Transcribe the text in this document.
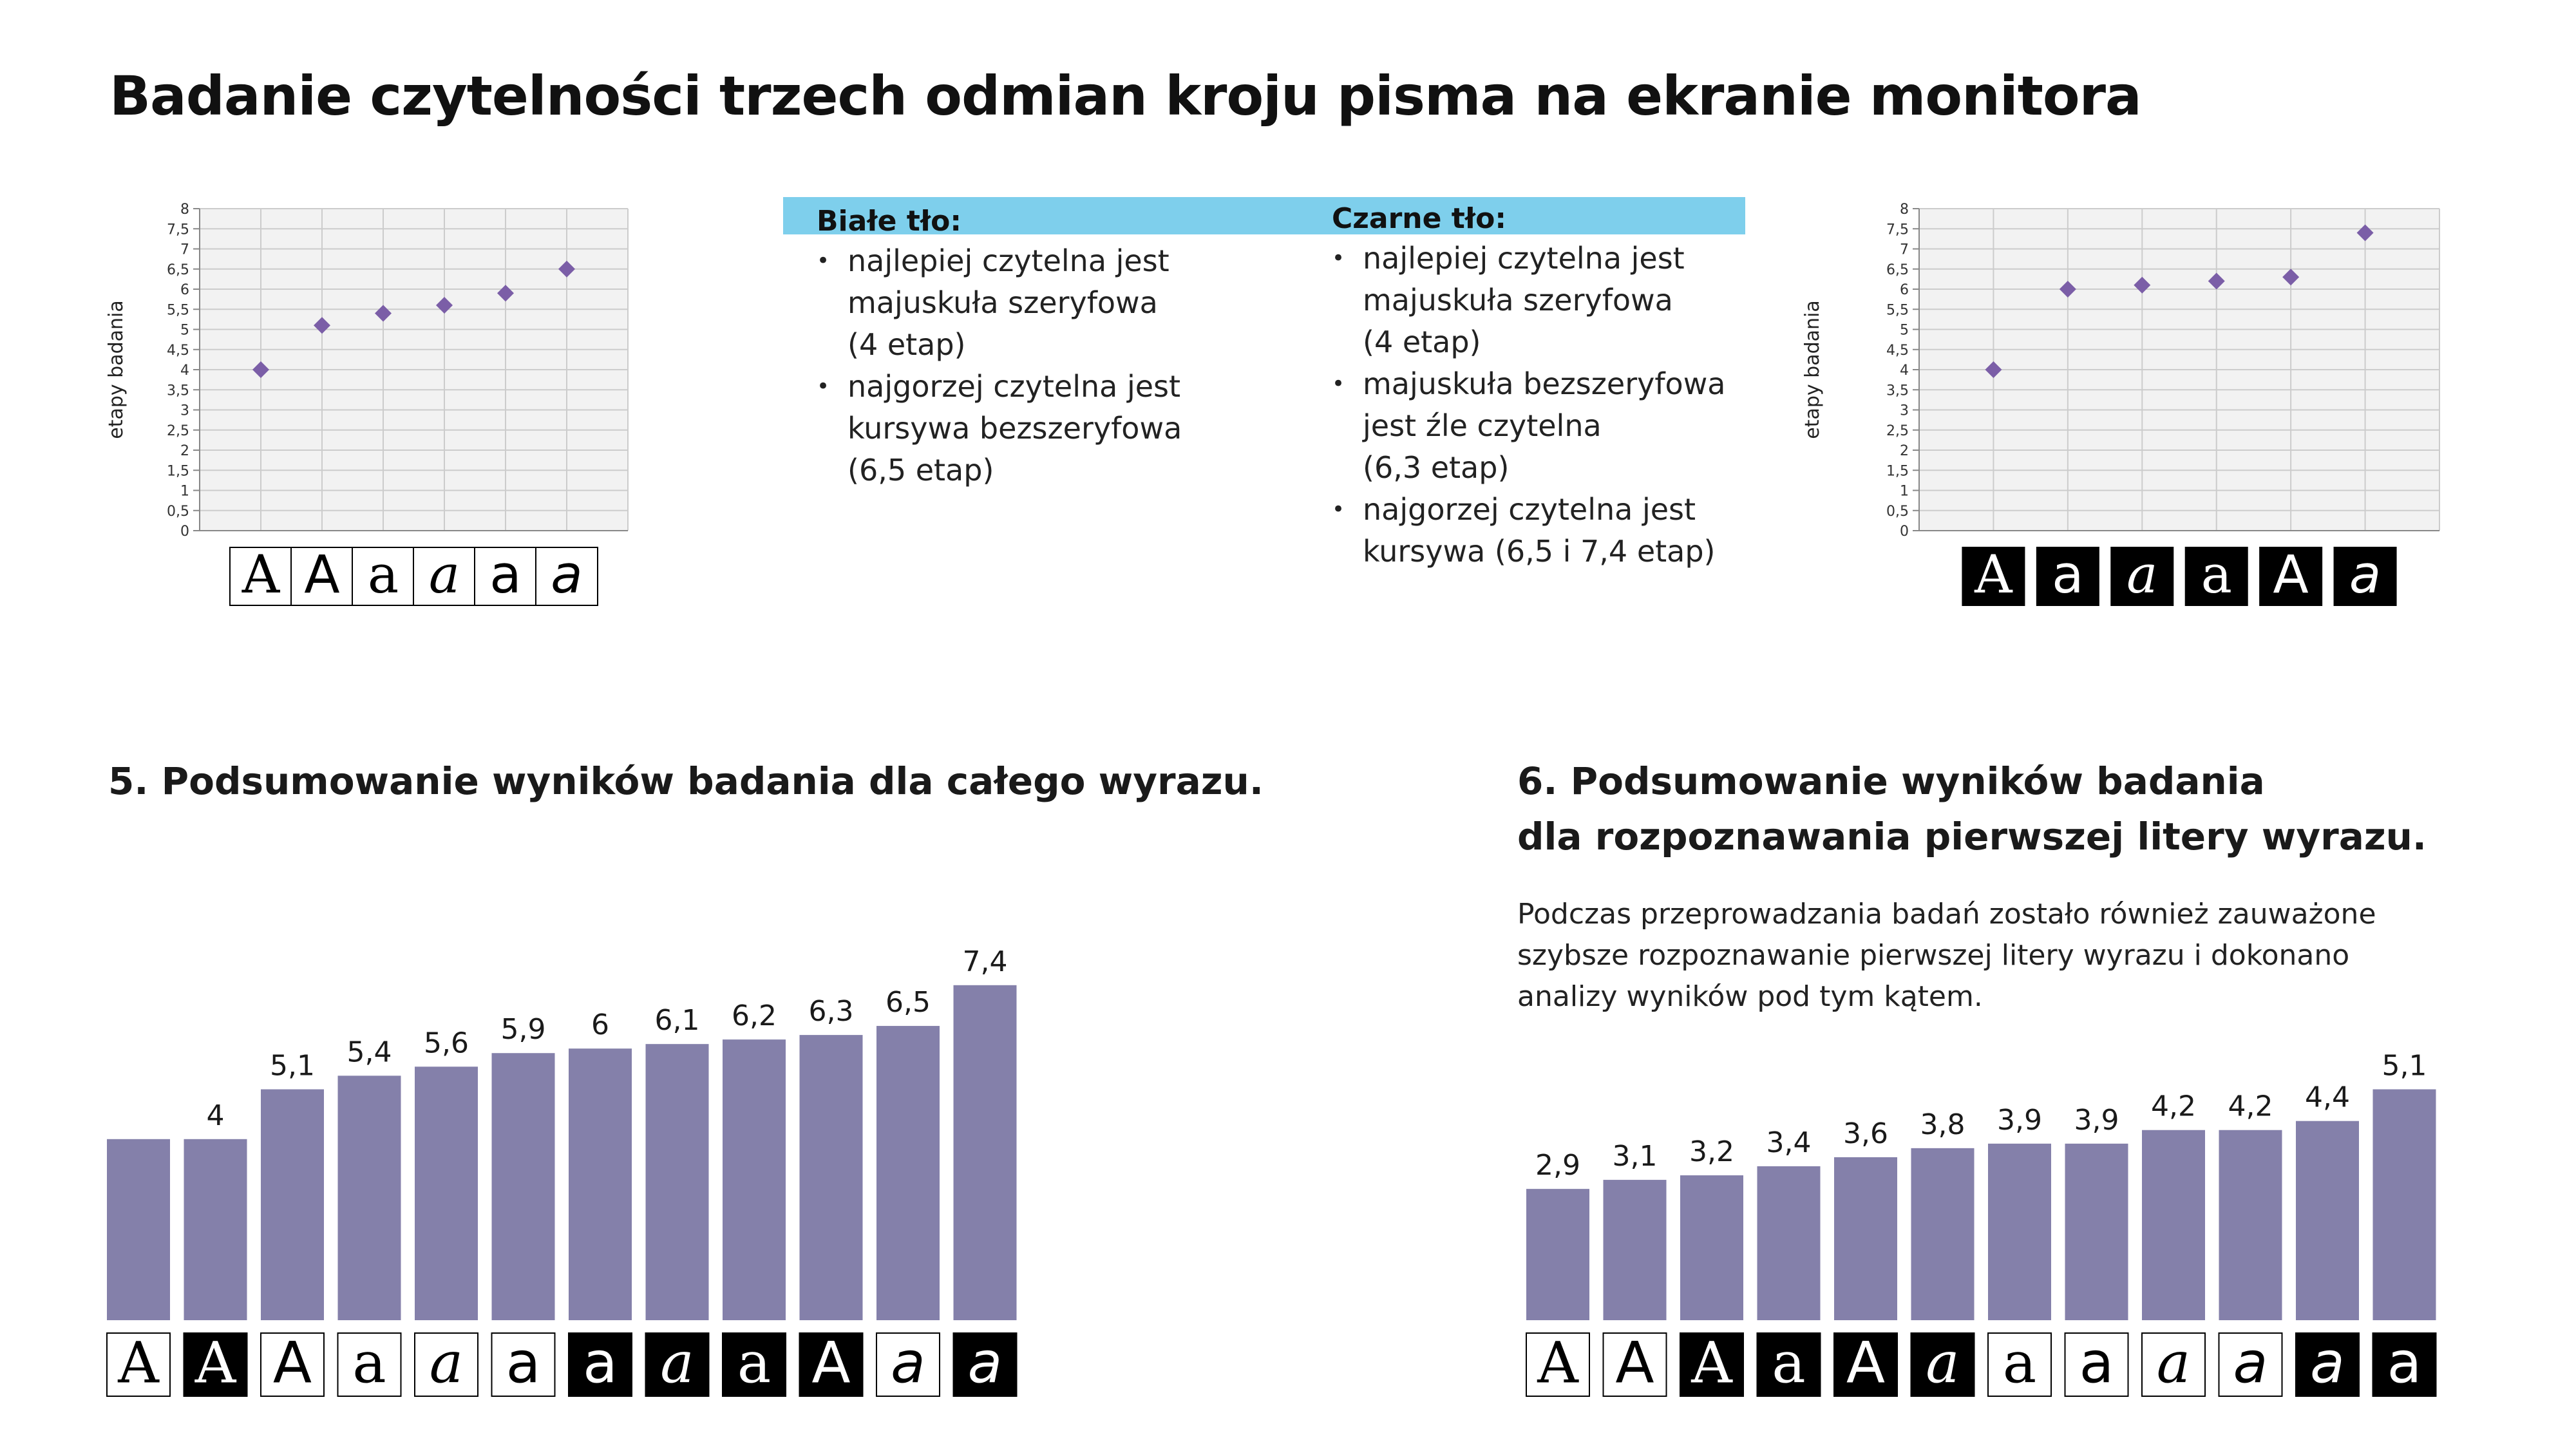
Badanie czytelności trzech odmian kroju pisma na ekranie monitora
Białe tło:
• najlepiej czytelna jest
majuskuła szeryfowa
(4 etap)
• najgorzej czytelna jest
kursywa bezszeryfowa
(6,5 etap)
Czarne tło:
• najlepiej czytelna jest
majuskuła szeryfowa
(4 etap)
• majuskuła bezszeryfowa
jest źle czytelna
(6,3 etap)
• najgorzej czytelna jest
kursywa (6,5 i 7,4 etap)
0
0,5
1
1,5
2
2,5
3
3,5
4
4,5
5
5,5
6
6,5
7
7,5
8
etapy badania
A A a a a a
0
0,5
1
1,5
2
2,5
3
3,5
4
4,5
5
5,5
6
6,5
7
7,5
8
etapy badania
A a a a A a
5. Podsumowanie wyników badania dla całego wyrazu.	6. Podsumowanie wyników badania
dla rozpoznawania pierwszej litery wyrazu.
Podczas przeprowadzania badań zostało również zauważone
szybsze rozpoznawanie pierwszej litery wyrazu i dokonano
analizy wyników pod tym kątem.
A
4
A
5,1
A
5,4
a
5,6
a
5,9
a
6
a
6,1
a
6,2
a
6,3
A
6,5
a
7,4
a
2,9
A
3,1
A
3,2
A
3,4
a
3,6
A
3,8
a
3,9
a
3,9
a
4,2
a
4,2
a
4,4
a
5,1
a
